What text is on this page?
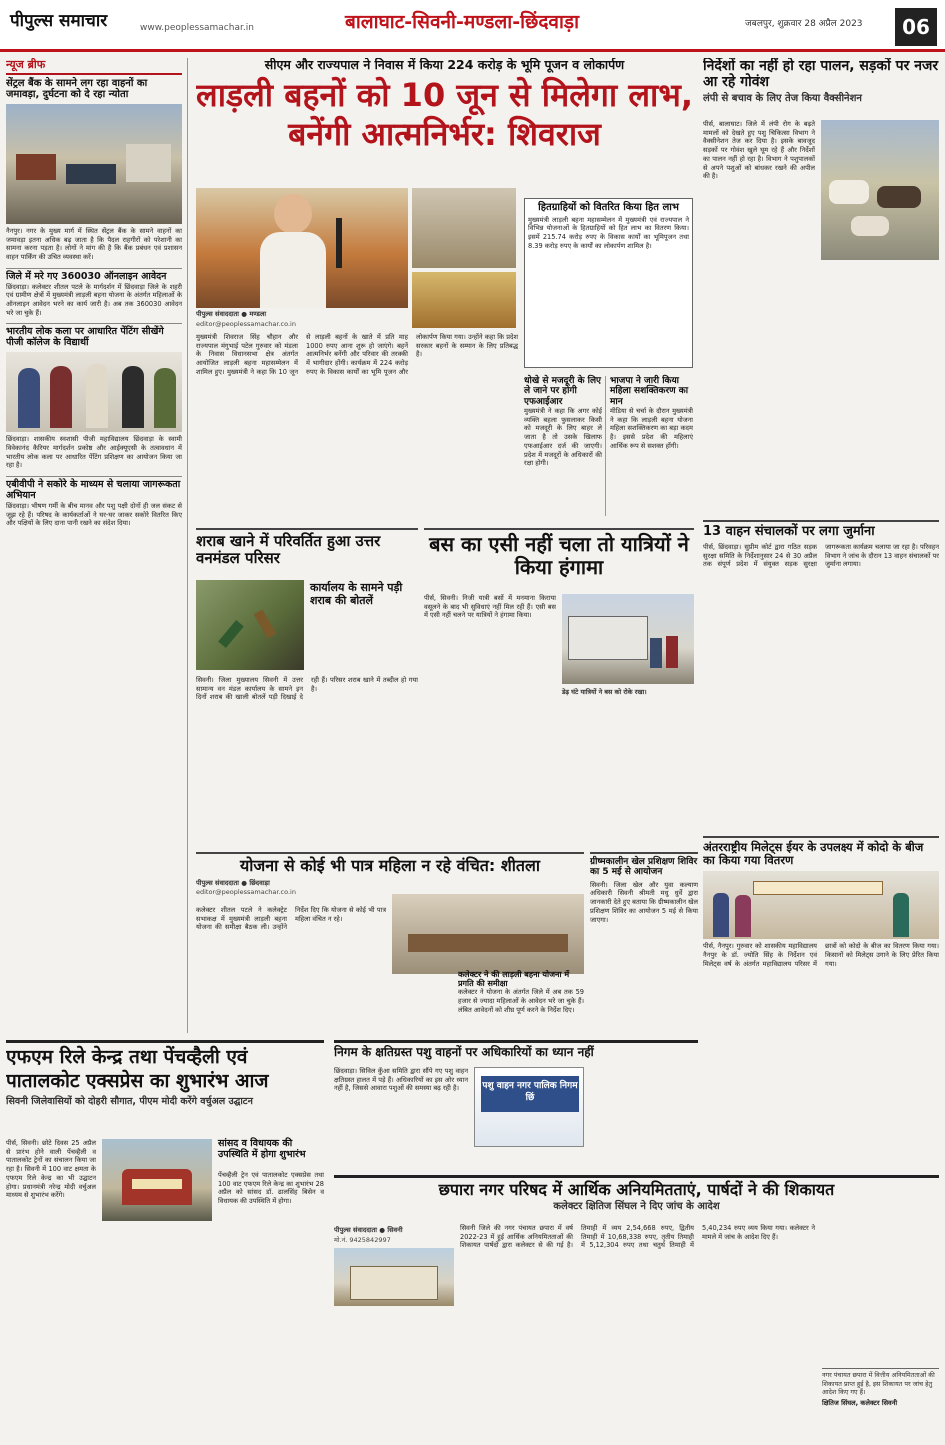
पीपुल्स समाचार	www.peoplessamachar.in	बालाघाट-सिवनी-मण्डला-छिंदवाड़ा	जबलपुर, शुक्रवार 28 अप्रैल 2023	06
न्यूज ब्रीफ
सेंट्रल बैंक के सामने लग रहा वाहनों का जमावड़ा, दुर्घटना को दे रहा न्योता
नैनपुर। नगर के मुख्य मार्ग में स्थित सेंट्रल बैंक के सामने वाहनों का जमावड़ा इतना अधिक बढ़ जाता है कि पैदल राहगीरों को परेशानी का सामना करना पड़ता है। लोगों ने मांग की है कि बैंक प्रबंधन एवं प्रशासन वाहन पार्किंग की उचित व्यवस्था करें।
जिले में मरे गए 360030 ऑनलाइन आवेदन
छिंदवाड़ा। कलेक्टर शीतल पटले के मार्गदर्शन में छिंदवाड़ा जिले के शहरी एवं ग्रामीण क्षेत्रों में मुख्यमंत्री लाड़ली बहना योजना के अंतर्गत महिलाओं के ऑनलाइन आवेदन भरने का कार्य जारी है। अब तक 360030 आवेदन भरे जा चुके हैं।
भारतीय लोक कला पर आधारित पेंटिंग सीखेंगे पीजी कॉलेज के विद्यार्थी
छिंदवाड़ा। शासकीय स्वशासी पीजी महाविद्यालय छिंदवाड़ा के स्वामी विवेकानंद कैरियर मार्गदर्शन प्रकोष्ठ और आईक्यूएसी के तत्वावधान में भारतीय लोक कला पर आधारित पेंटिंग प्रशिक्षण का आयोजन किया जा रहा है।
एबीवीपी ने सकोरे के माध्यम से चलाया जागरूकता अभियान
छिंदवाड़ा। भीषण गर्मी के बीच मानव और पशु पक्षी दोनों ही जल संकट से जूझ रहे हैं। परिषद के कार्यकर्ताओं ने घर-घर जाकर सकोरे वितरित किए और पक्षियों के लिए दाना पानी रखने का संदेश दिया।
सीएम और राज्यपाल ने निवास में किया 224 करोड़ के भूमि पूजन व लोकार्पण
लाड़ली बहनों को 10 जून से मिलेगा लाभ, बनेंगी आत्मनिर्भर: शिवराज
पीपुल्स संवाददाता ● मण्डला
editor@peoplessamachar.co.in
मुख्यमंत्री शिवराज सिंह चौहान और राज्यपाल मंगुभाई पटेल गुरुवार को मंडला के निवास विधानसभा क्षेत्र अंतर्गत आयोजित लाड़ली बहना महासम्मेलन में शामिल हुए। मुख्यमंत्री ने कहा कि 10 जून से लाड़ली बहनों के खाते में प्रति माह 1000 रुपए आना शुरू हो जाएंगे। बहनें आत्मनिर्भर बनेंगी और परिवार की तरक्की में भागीदार होंगी। कार्यक्रम में 224 करोड़ रुपए के विकास कार्यों का भूमि पूजन और लोकार्पण किया गया। उन्होंने कहा कि प्रदेश सरकार बहनों के सम्मान के लिए प्रतिबद्ध है।
हितग्राहियों को वितरित किया हित लाभ
मुख्यमंत्री लाड़ली बहना महासम्मेलन में मुख्यमंत्री एवं राज्यपाल ने विभिन्न योजनाओं के हितग्राहियों को हित लाभ का वितरण किया। इसमें 215.74 करोड़ रुपए के विकास कार्यों का भूमिपूजन तथा 8.39 करोड़ रुपए के कार्यों का लोकार्पण शामिल है।
धोखे से मजदूरी के लिए ले जाने पर होगी एफआईआर
मुख्यमंत्री ने कहा कि अगर कोई व्यक्ति बहला फुसलाकर किसी को मजदूरी के लिए बाहर ले जाता है तो उसके खिलाफ एफआईआर दर्ज की जाएगी। प्रदेश में मजदूरों के अधिकारों की रक्षा होगी।
भाजपा ने जारी किया महिला सशक्तिकरण का मान
मीडिया से चर्चा के दौरान मुख्यमंत्री ने कहा कि लाड़ली बहना योजना महिला सशक्तिकरण का बड़ा कदम है। इससे प्रदेश की महिलाएं आर्थिक रूप से सशक्त होंगी।
निर्देशों का नहीं हो रहा पालन, सड़कों पर नजर आ रहे गोवंश
लंपी से बचाव के लिए तेज किया वैक्सीनेशन
पीर्स, बालाघाट। जिले में लंपी रोग के बढ़ते मामलों को देखते हुए पशु चिकित्सा विभाग ने वैक्सीनेशन तेज कर दिया है। इसके बावजूद सड़कों पर गोवंश खुले घूम रहे हैं और निर्देशों का पालन नहीं हो रहा है। विभाग ने पशुपालकों से अपने पशुओं को बांधकर रखने की अपील की है।
13 वाहन संचालकों पर लगा जुर्माना
पीर्स, छिंदवाड़ा। सुप्रीम कोर्ट द्वारा गठित सड़क सुरक्षा समिति के निर्देशानुसार 24 से 30 अप्रैल तक संपूर्ण प्रदेश में संयुक्त सड़क सुरक्षा जागरूकता कार्यक्रम चलाया जा रहा है। परिवहन विभाग ने जांच के दौरान 13 वाहन संचालकों पर जुर्माना लगाया।
शराब खाने में परिवर्तित हुआ उत्तर वनमंडल परिसर
कार्यालय के सामने पड़ी शराब की बोतलें
सिवनी। जिला मुख्यालय सिवनी में उत्तर सामान्य वन मंडल कार्यालय के सामने इन दिनों शराब की खाली बोतलें पड़ी दिखाई दे रही हैं। परिसर शराब खाने में तब्दील हो गया है।
बस का एसी नहीं चला तो यात्रियों ने किया हंगामा
पीर्स, सिवनी। निजी यात्री बसों में मनमाना किराया वसूलने के बाद भी सुविधाएं नहीं मिल रही हैं। एसी बस में एसी नहीं चलने पर यात्रियों ने हंगामा किया।
डेढ़ घंटे यात्रियों ने बस को रोके रखा।
योजना से कोई भी पात्र महिला न रहे वंचित: शीतला
पीपुल्स संवाददाता ● छिंदवाड़ा
editor@peoplessamachar.co.in
कलेक्टर शीतल पटले ने कलेक्ट्रेट सभाकक्ष में मुख्यमंत्री लाड़ली बहना योजना की समीक्षा बैठक ली। उन्होंने निर्देश दिए कि योजना से कोई भी पात्र महिला वंचित न रहे।
कलेक्टर ने की लाड़ली बहना योजना में प्रगति की समीक्षा
कलेक्टर ने योजना के अंतर्गत जिले में अब तक 59 हजार से ज्यादा महिलाओं के आवेदन भरे जा चुके हैं। लंबित आवेदनों को शीघ्र पूर्ण करने के निर्देश दिए।
ग्रीष्मकालीन खेल प्रशिक्षण शिविर का 5 मई से आयोजन
सिवनी। जिला खेल और युवा कल्याण अधिकारी सिवनी श्रीमती मधु धुर्वे द्वारा जानकारी देते हुए बताया कि ग्रीष्मकालीन खेल प्रशिक्षण शिविर का आयोजन 5 मई से किया जाएगा।
अंतरराष्ट्रीय मिलेट्स ईयर के उपलक्ष्य में कोदो के बीज का किया गया वितरण
पीर्स, नैनपुर। गुरुवार को शासकीय महाविद्यालय नैनपुर के डॉ. ज्योति सिंह के निर्देशन एवं मिलेट्स वर्ष के अंतर्गत महाविद्यालय परिसर में छात्रों को कोदो के बीज का वितरण किया गया। किसानों को मिलेट्स उगाने के लिए प्रेरित किया गया।
एफएम रिले केन्द्र तथा पेंचव्हैली एवं पातालकोट एक्सप्रेस का शुभारंभ आज
सिवनी जिलेवासियों को दोहरी सौगात, पीएम मोदी करेंगे वर्चुअल उद्घाटन
पीर्स, सिवनी। छोटे दिवस 25 अप्रैल से प्रारंभ होने वाली पेंचव्हैली व पातालकोट ट्रेनों का संचालन किया जा रहा है। सिवनी में 100 वाट क्षमता के एफएम रिले केन्द्र का भी उद्घाटन होगा। प्रधानमंत्री नरेन्द्र मोदी वर्चुअल माध्यम से शुभारंभ करेंगे।
सांसद व विधायक की उपस्थिति में होगा शुभारंभ
पेंचव्हैली ट्रेन एवं पातालकोट एक्सप्रेस तथा 100 वाट एफएम रिले केन्द्र का शुभारंभ 28 अप्रैल को सांसद डॉ. ढालसिंह बिसेन व विधायक की उपस्थिति में होगा।
निगम के क्षतिग्रस्त पशु वाहनों पर अधिकारियों का ध्यान नहीं
छिंदवाड़ा। सिविल कुँआ समिति द्वारा सौंपे गए पशु वाहन क्षतिग्रस्त हालत में पड़े हैं। अधिकारियों का इस ओर ध्यान नहीं है, जिससे आवारा पशुओं की समस्या बढ़ रही है।	पशु वाहन नगर पालिक निगम छिं
छपारा नगर परिषद में आर्थिक अनियमितताएं, पार्षदों ने की शिकायत
कलेक्टर क्षितिज सिंघल ने दिए जांच के आदेश
पीपुल्स संवाददाता ● सिवनी
मो.नं. 9425842997
सिवनी जिले की नगर पंचायत छपारा में वर्ष 2022-23 में हुई आर्थिक अनियमितताओं की शिकायत पार्षदों द्वारा कलेक्टर से की गई है। तिमाही में व्यय 2,54,668 रुपए, द्वितीय तिमाही में 10,68,338 रुपए, तृतीय तिमाही में 5,12,304 रुपए तथा चतुर्थ तिमाही में 5,40,234 रुपए व्यय किया गया। कलेक्टर ने मामले में जांच के आदेश दिए हैं।
नगर पंचायत छपारा में वित्तीय अनियमितताओं की शिकायत प्राप्त हुई है, इस शिकायत पर जांच हेतु आदेश किए गए हैं।
क्षितिज सिंघल, कलेक्टर सिवनी
